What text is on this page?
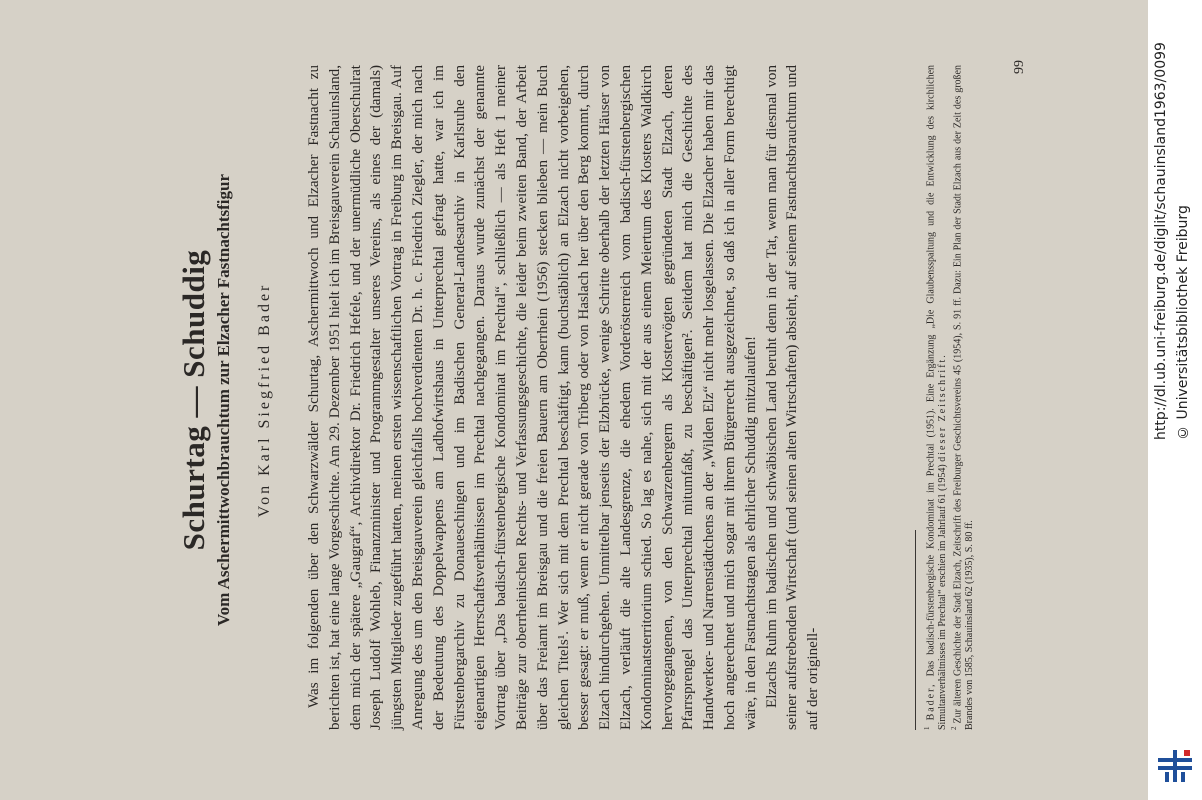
Schurtag — Schuddig Vom Aschermittwochbrauchtum zur Elzacher Fastnachtsfigur Von Karl Siegfried Bader Was im folgenden über den Schwarzwälder Schurtag, Aschermittwoch und Elzacher Fastnacht zu berichten ist, hat eine lange Vorgeschichte. Am 29. Dezember 1951 hielt ich im Breisgauverein Schauinsland, dem mich der spätere „Gaugraf“, Archivdirektor Dr. Friedrich Hefele, und der unermüdliche Oberschulrat Joseph Ludolf Wohleb, Finanzminister und Programmgestalter unseres Vereins, als eines der (damals) jüngsten Mitglieder zugeführt hatten, meinen ersten wissenschaftlichen Vortrag in Freiburg im Breisgau. Auf Anregung des um den Breisgauverein gleichfalls hochverdienten Dr. h. c. Friedrich Ziegler, der mich nach der Bedeutung des Doppelwappens am Ladhofwirtshaus in Unterprechtal gefragt hatte, war ich im Fürstenbergarchiv zu Donaueschingen und im Badischen General-Landesarchiv in Karlsruhe den eigenartigen Herrschaftsverhältnissen im Prechtal nachgegangen. Daraus wurde zunächst der genannte Vortrag über „Das badisch-fürstenbergische Kondominat im Prechtal“, schließlich — als Heft 1 meiner Beiträge zur oberrheinischen Rechts- und Verfassungsgeschichte, die leider beim zweiten Band, der Arbeit über das Freiamt im Breisgau und die freien Bauern am Oberrhein (1956) stecken blieben — mein Buch gleichen Titels¹. Wer sich mit dem Prechtal beschäftigt, kann (buchstäblich) an Elzach nicht vorbeigehen, besser gesagt: er muß, wenn er nicht gerade von Triberg oder von Haslach her über den Berg kommt, durch Elzach hindurchgehen. Unmittelbar jenseits der Elzbrücke, wenige Schritte oberhalb der letzten Häuser von Elzach, verläuft die alte Landesgrenze, die ehedem Vorderösterreich vom badisch-fürstenbergischen Kondominatsterritorium schied. So lag es nahe, sich mit der aus einem Meiertum des Klosters Waldkirch hervorgegangenen, von den Schwarzenbergern als Klostervögten gegründeten Stadt Elzach, deren Pfarrsprengel das Unterprechtal mitumfaßt, zu beschäftigen². Seitdem hat mich die Geschichte des Handwerker- und Narrenstädtchens an der „Wilden Elz“ nicht mehr losgelassen. Die Elzacher haben mir das hoch angerechnet und mich sogar mit ihrem Bürgerrecht ausgezeichnet, so daß ich in aller Form berechtigt wäre, in den Fastnachtstagen als ehrlicher Schuddig mitzulaufen! Elzachs Ruhm im badischen und schwäbischen Land beruht denn in der Tat, wenn man für diesmal von seiner aufstrebenden Wirtschaft (und seinen alten Wirtschaften) absieht, auf seinem Fastnachtsbrauchtum und auf der originell-	$^1$ Bader, Das badisch-fürstenbergische Kondominat im Prechtal (1951). Eine Ergänzung „Die Glaubensspaltung und die Entwicklung des kirchlichen Simultanverhältnisses im Prechtal“ erschien im Jahrlauf 61 (1954) dieser Zeitschrift.

$^2$ Zur älteren Geschichte der Stadt Elzach, Zeitschrift des Freiburger Geschichtsvereins 45 (1954), S. 91 ff. Dazu: Ein Plan der Stadt Elzach aus der Zeit des großen Brandes von 1585, Schauinsland 62 (1935), S. 80 ff.

99	http://dl.ub.uni-freiburg.de/diglit/schauinsland1963/0099 © Universitätsbibliothek Freiburg
